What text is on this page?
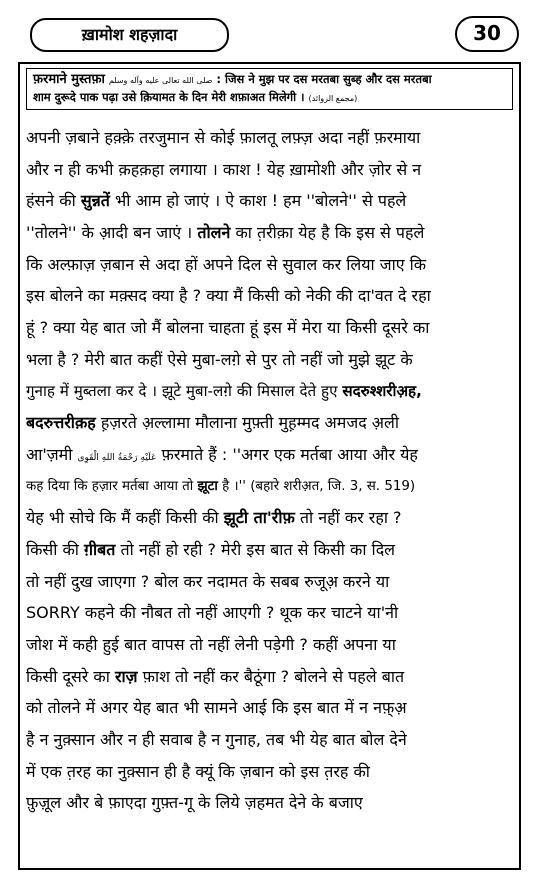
ख़ामोश शहज़ादा	30
फ़रमाने मुस्तफ़ा صلى الله تعالى عليه وآله وسلم : जिस ने मुझ पर दस मरतबा सुब्ह और दस मरतबा
शाम दुरूदे पाक पढ़ा उसे क़ियामत के दिन मेरी शफ़ाअत मिलेगी । (مجمع الزوائد)
अपनी ज़बाने हक़्क़े तरजुमान से कोई फ़ालतू लफ़्ज़ अदा नहीं फ़रमाया
और न ही कभी क़हक़हा लगाया । काश ! येह ख़ामोशी और ज़ोर से न
हंसने की सुन्नतें भी आम हो जाएं । ऐ काश ! हम ''बोलने'' से पहले
''तोलने'' के आ़दी बन जाएं । तोलने का त़रीक़ा येह है कि इस से पहले
कि अल्फ़ाज़ ज़बान से अदा हों अपने दिल से सुवाल कर लिया जाए कि
इस बोलने का मक़्सद क्या है ? क्या मैं किसी को नेकी की दा'वत दे रहा
हूं ? क्या येह बात जो मैं बोलना चाहता हूं इस में मेरा या किसी दूसरे का
भला है ? मेरी बात कहीं ऐसे मुबा-लग़े से पुर तो नहीं जो मुझे झूट के
गुनाह में मुब्तला कर दे । झूटे मुबा-लग़े की मिसाल देते हुए सदरुश्शरीअ़ह,
बदरुत्तरीक़ह ह़ज़रते अ़ल्लामा मौलाना मुफ़्ती मुह़म्मद अमजद अ़ली
आ'ज़मी عَلَيْهِ رَحْمَةُ اللهِ الْقَوِى फ़रमाते हैं : ''अगर एक मर्तबा आया और येह
कह दिया कि हज़ार मर्तबा आया तो झूटा है ।'' (बहारे शरीअ़त, जि. 3, स. 519)
येह भी सोचे कि मैं कहीं किसी की झूटी ता'रीफ़ तो नहीं कर रहा ?
किसी की ग़ीबत तो नहीं हो रही ? मेरी इस बात से किसी का दिल
तो नहीं दुख जाएगा ? बोल कर नदामत के सबब रुजूअ़ करने या
SORRY कहने की नौबत तो नहीं आएगी ? थूक कर चाटने या'नी
जोश में कही हुई बात वापस तो नहीं लेनी पड़ेगी ? कहीं अपना या
किसी दूसरे का राज़ फ़ाश तो नहीं कर बैठूंगा ? बोलने से पहले बात
को तोलने में अगर येह बात भी सामने आई कि इस बात में न नफ़्अ़
है न नुक़्सान और न ही सवाब है न गुनाह, तब भी येह बात बोल देने
में एक त़रह का नुक़्सान ही है क्यूं कि ज़बान को इस त़रह की
फ़ुज़ूल और बे फ़ाएदा गुफ़्त-गू के लिये ज़हमत देने के बजाए
